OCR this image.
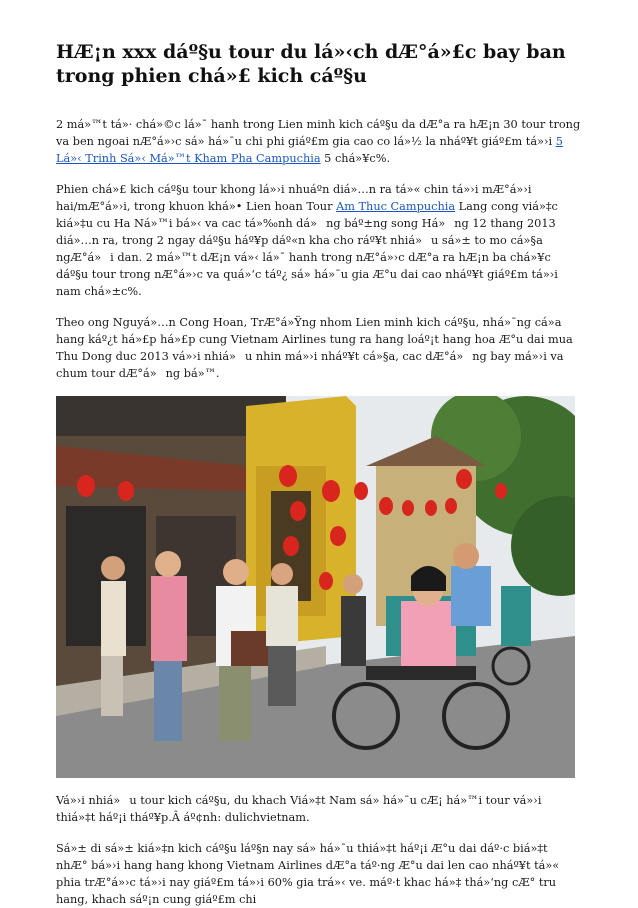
HÆ¡n xxx dáº§u tour du lá»‹ch dÆ°á»£c bay ban trong phien chá»£ kich cáº§u

2 má»™t tá»· chá»©c lá»¯ hanh trong Lien minh kich cáº§u da dÆ°a ra hÆ¡n 30 tour trong va ben ngoai nÆ°á»›c sá» há»¯u chi phi giáº£m gia cao co lá»½ la nháº¥t giáº£m tá»›i 5 Lá»‹ Trinh Sá»‹ Má»™t Kham Pha Campuchia 5 chá»¥c%.

Phien chá»£ kich cáº§u tour khong lá»›i nhuáºn diá»…n ra tá»« chin tá»›i mÆ°á»›i hai/mÆ°á»›i, trong khuon khá»• Lien hoan Tour Am Thuc Campuchia Lang cong viá»‡c kiá»‡u cu Ha Ná»™i bá»‹ va cac tá»‰nh dá»ng báº±ng song Há»ng 12 thang 2013 diá»…n ra, trong 2 ngay dáº§u háº¥p dáº«n kha cho ráº¥t nhiá»u sá»± to mo cá»§a ngÆ°á»i dan. 2 má»™t dÆ¡n vá»‹ lá»¯ hanh trong nÆ°á»›c dÆ°a ra hÆ¡n ba chá»¥c dáº§u tour trong nÆ°á»›c va quá»‘c táº¿ sá» há»¯u gia Æ°u dai cao nháº¥t giáº£m tá»›i nam chá»±c%.

Theo ong Nguyá»…n Cong Hoan, TrÆ°á»Ÿng nhom Lien minh kich cáº§u, nhá»¯ng cá»a hang káº¿t há»£p há»£p cung Vietnam Airlines tung ra hang loáº¡t hang hoa Æ°u dai mua Thu Dong duc 2013 vá»›i nhiá»u nhin má»›i nháº¥t cá»§a, cac dÆ°á»ng bay má»›i va chum tour dÆ°á»ng bá»™.

Vá»›i nhiá»u tour kich cáº§u, du khach Viá»‡t Nam sá» há»¯u cÆ¡ há»™i tour vá»›i thiá»‡t háº¡i tháº¥p.Â áº¢nh: dulichvietnam.

Sá»± di sá»± kiá»‡n kich cáº§u láº§n nay sá» há»¯u thiá»‡t háº¡i Æ°u dai dáº·c biá»‡t nhÆ° bá»›i hang hang khong Vietnam Airlines dÆ°a táº·ng Æ°u dai len cao nháº¥t tá»« phia trÆ°á»›c tá»›i nay giáº£m tá»›i 60% gia trá»‹ ve. máº·t khac há»‡ thá»‘ng cÆ° tru hang, khach sáº¡n cung giáº£m chi
